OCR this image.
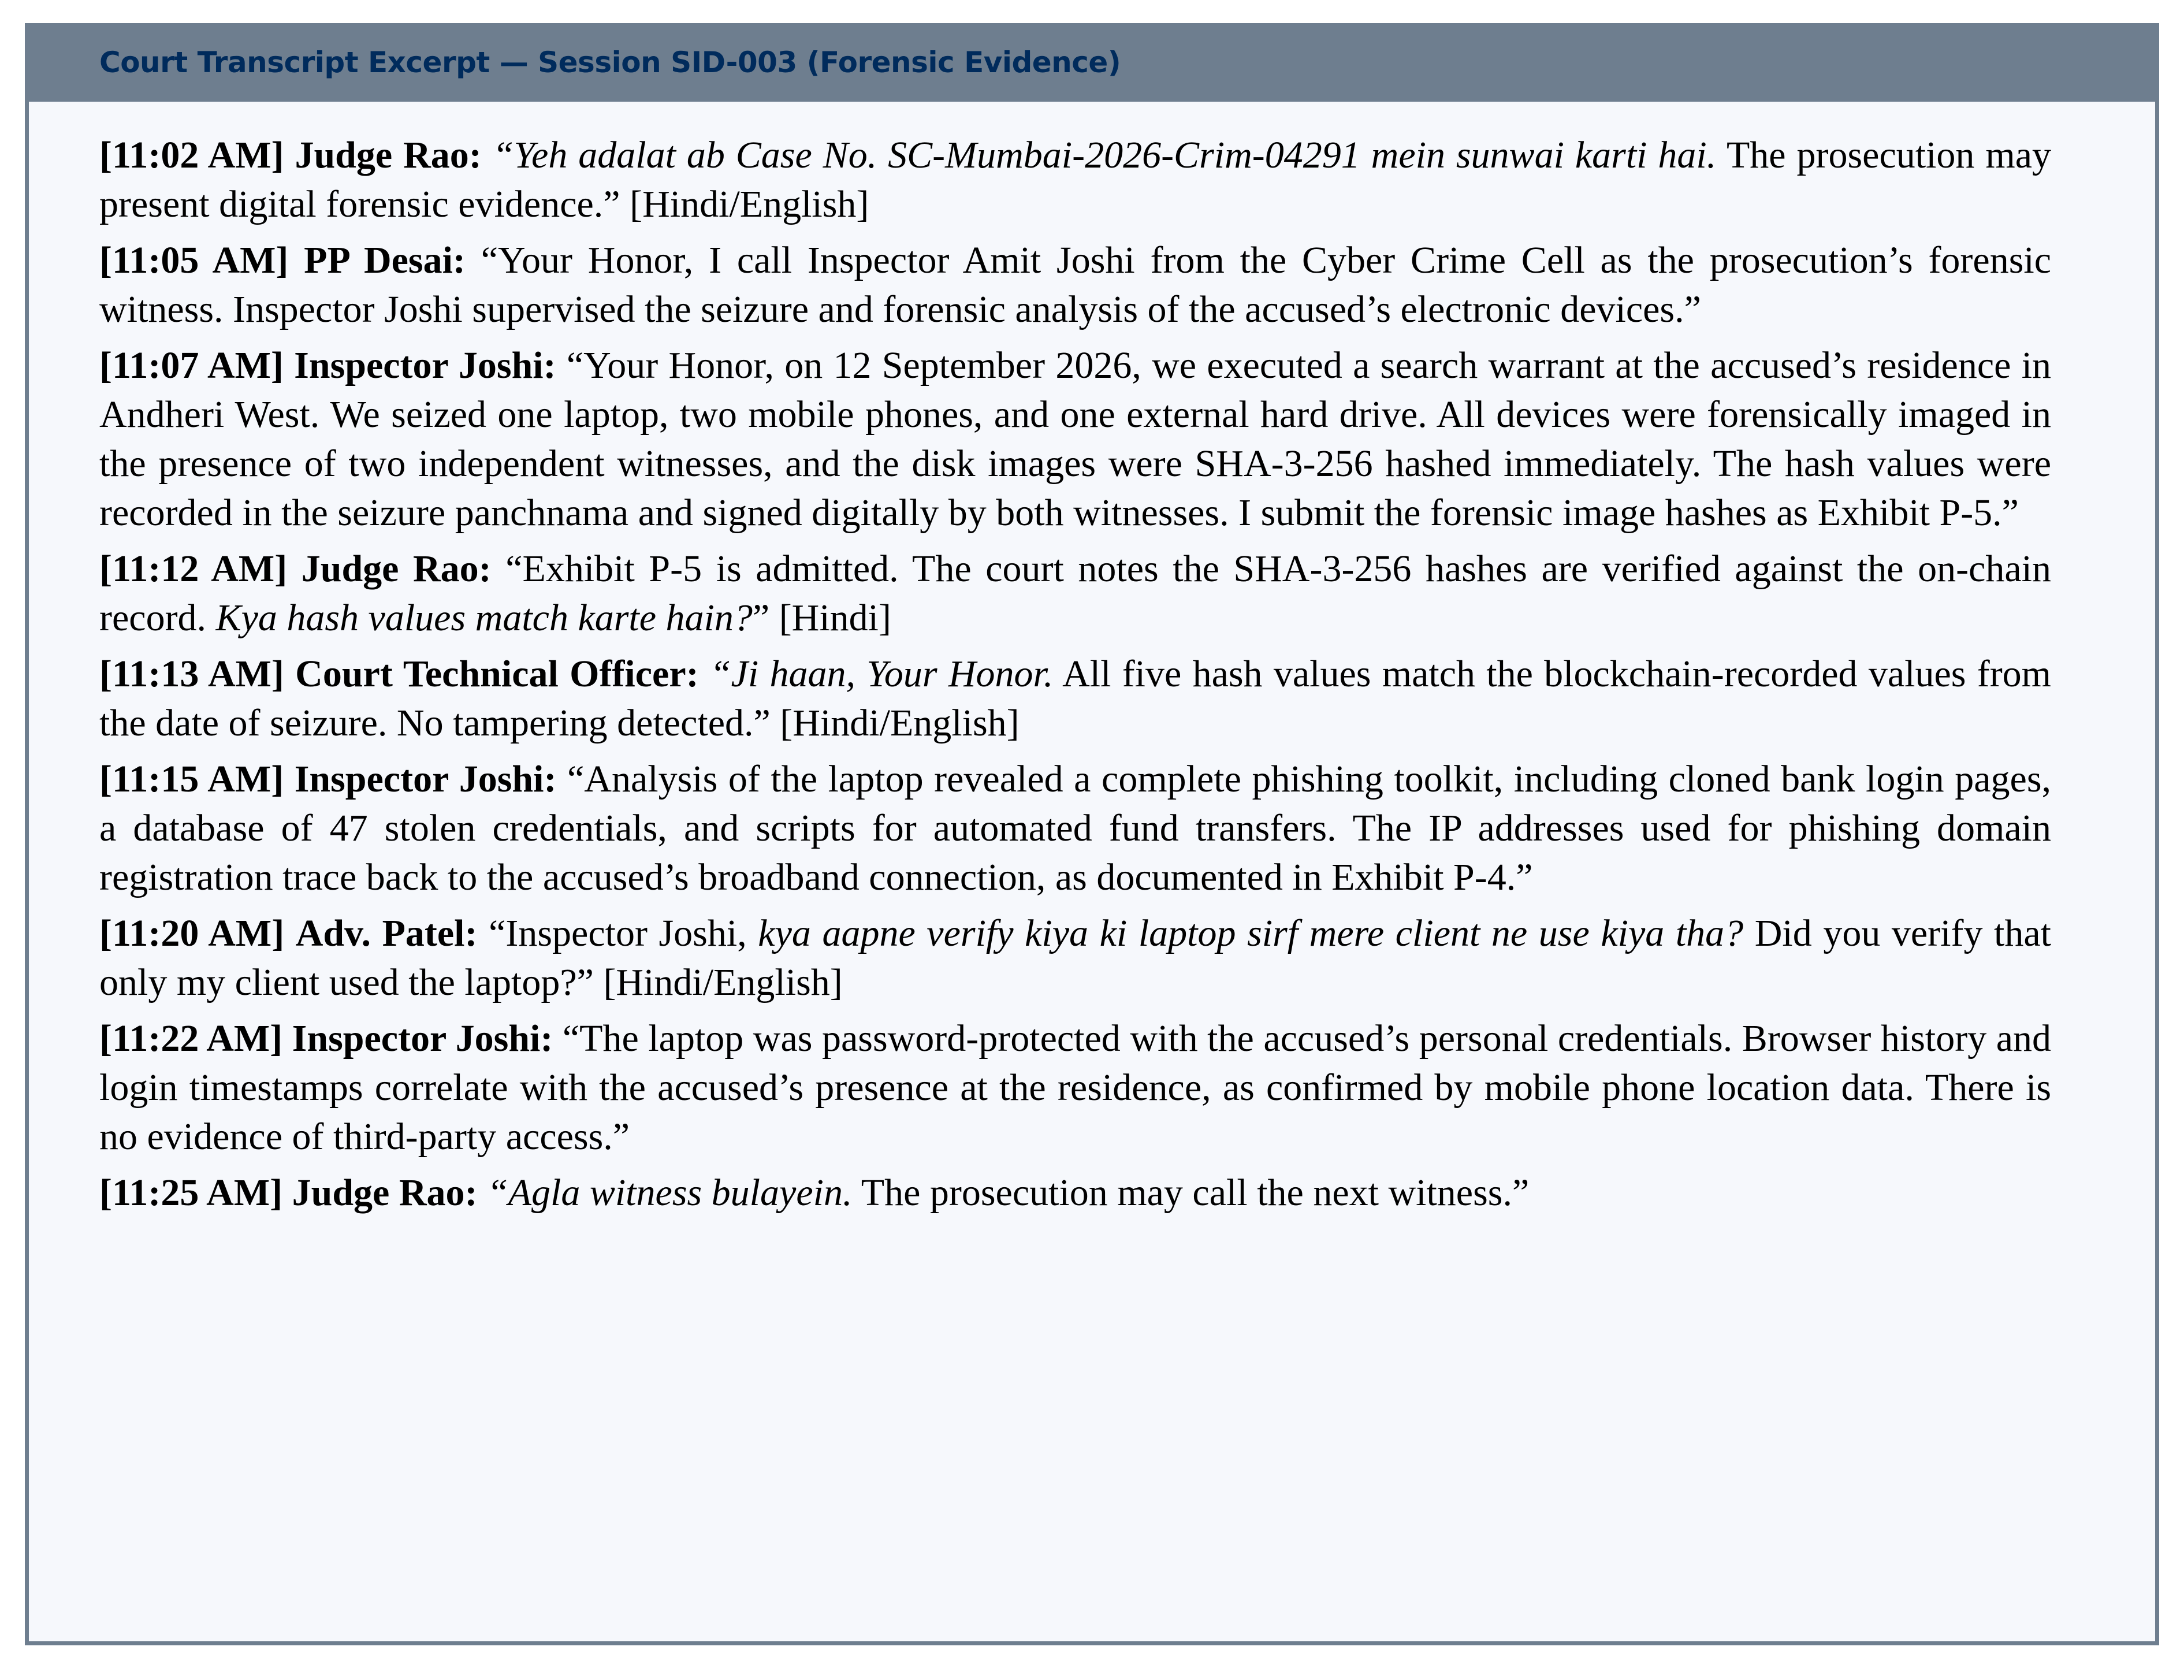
Court Transcript Excerpt — Session SID-003 (Forensic Evidence)
[11:02 AM] Judge Rao: “Yeh adalat ab Case No. SC-Mumbai-2026-Crim-04291 mein sunwai karti hai. The prosecution may present digital forensic evidence.” [Hindi/English]
[11:05 AM] PP Desai: “Your Honor, I call Inspector Amit Joshi from the Cyber Crime Cell as the prosecution’s forensic witness. Inspector Joshi supervised the seizure and forensic analysis of the accused’s electronic devices.”
[11:07 AM] Inspector Joshi: “Your Honor, on 12 September 2026, we executed a search warrant at the accused’s residence in Andheri West. We seized one laptop, two mobile phones, and one external hard drive. All devices were forensically imaged in the presence of two independent witnesses, and the disk images were SHA-3-256 hashed immediately. The hash values were recorded in the seizure panchnama and signed digitally by both witnesses. I submit the forensic image hashes as Exhibit P-5.”
[11:12 AM] Judge Rao: “Exhibit P-5 is admitted. The court notes the SHA-3-256 hashes are verified against the on-chain record. Kya hash values match karte hain?” [Hindi]
[11:13 AM] Court Technical Officer: “Ji haan, Your Honor. All five hash values match the blockchain-recorded values from the date of seizure. No tampering detected.” [Hindi/English]
[11:15 AM] Inspector Joshi: “Analysis of the laptop revealed a complete phishing toolkit, including cloned bank login pages, a database of 47 stolen credentials, and scripts for automated fund transfers. The IP addresses used for phishing domain registration trace back to the accused’s broadband connection, as documented in Exhibit P-4.”
[11:20 AM] Adv. Patel: “Inspector Joshi, kya aapne verify kiya ki laptop sirf mere client ne use kiya tha? Did you verify that only my client used the laptop?” [Hindi/English]
[11:22 AM] Inspector Joshi: “The laptop was password-protected with the accused’s personal credentials. Browser history and login timestamps correlate with the accused’s presence at the residence, as confirmed by mobile phone location data. There is no evidence of third-party access.”
[11:25 AM] Judge Rao: “Agla witness bulayein. The prosecution may call the next witness.”
